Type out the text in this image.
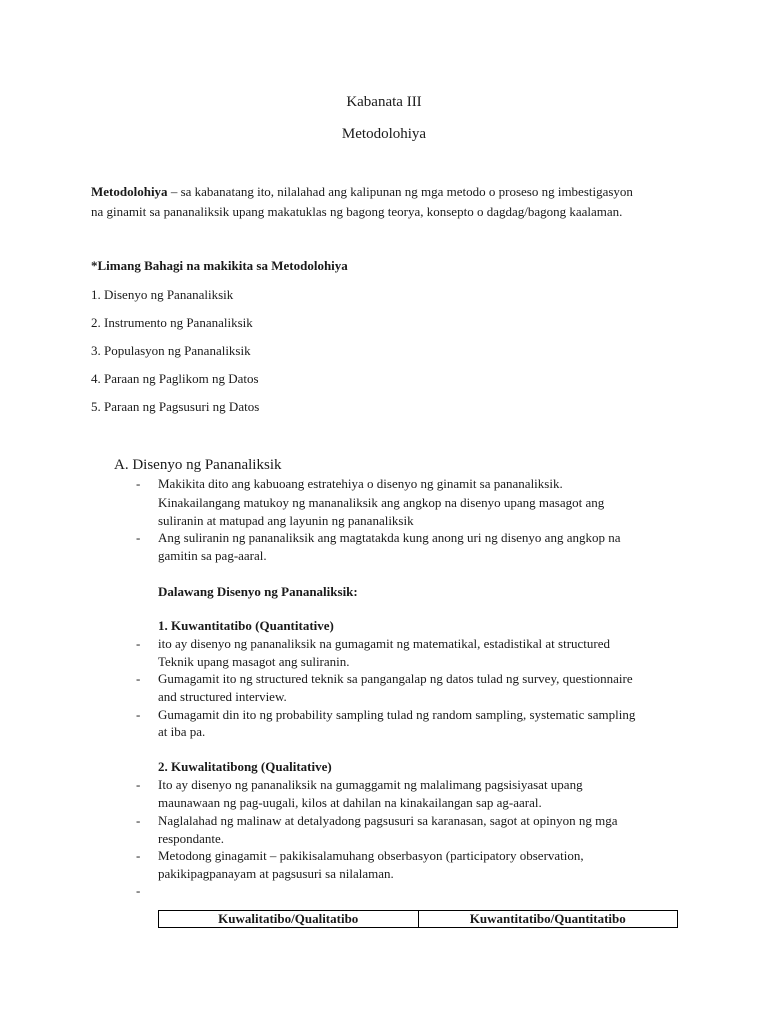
Kabanata III
Metodolohiya
Metodolohiya – sa kabanatang ito, nilalahad ang kalipunan ng mga metodo o proseso ng imbestigasyon
na ginamit sa pananaliksik upang makatuklas ng bagong teorya, konsepto o dagdag/bagong kaalaman.
*Limang Bahagi na makikita sa Metodolohiya
1. Disenyo ng Pananaliksik
2. Instrumento ng Pananaliksik
3. Populasyon ng Pananaliksik
4. Paraan ng Paglikom ng Datos
5. Paraan ng Pagsusuri ng Datos
A. Disenyo ng Pananaliksik
- Makikita dito ang kabuoang estratehiya o disenyo ng ginamit sa pananaliksik.
Kinakailangang matukoy ng mananaliksik ang angkop na disenyo upang masagot ang
suliranin at matupad ang layunin ng pananaliksik
- Ang suliranin ng pananaliksik ang magtatakda kung anong uri ng disenyo ang angkop na
gamitin sa pag-aaral.
Dalawang Disenyo ng Pananaliksik:
1. Kuwantitatibo (Quantitative)
- ito ay disenyo ng pananaliksik na gumagamit ng matematikal, estadistikal at structured
Teknik upang masagot ang suliranin.
- Gumagamit ito ng structured teknik sa pangangalap ng datos tulad ng survey, questionnaire
and structured interview.
- Gumagamit din ito ng probability sampling tulad ng random sampling, systematic sampling
at iba pa.
2. Kuwalitatibong (Qualitative)
- Ito ay disenyo ng pananaliksik na gumaggamit ng malalimang pagsisiyasat upang
maunawaan ng pag-uugali, kilos at dahilan na kinakailangan sap ag-aaral.
- Naglalahad ng malinaw at detalyadong pagsusuri sa karanasan, sagot at opinyon ng mga
respondante.
- Metodong ginagamit – pakikisalamuhang obserbasyon (participatory observation,
pakikipagpanayam at pagsusuri sa nilalaman.
-
Kuwalitatibo/Qualitatibo	Kuwantitatibo/Quantitatibo
